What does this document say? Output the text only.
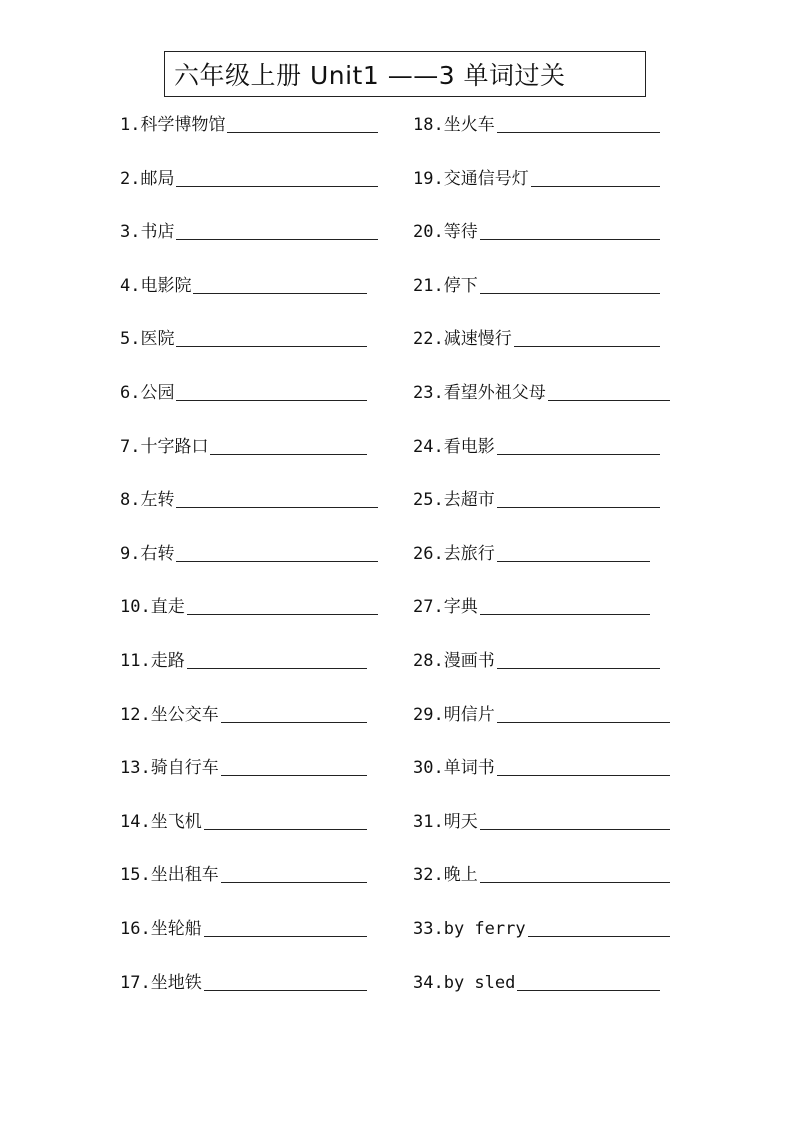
六年级上册 Unit1 ——3 单词过关
1.科学博物馆
2.邮局
3.书店
4.电影院
5.医院
6.公园
7.十字路口
8.左转
9.右转
10.直走
11.走路
12.坐公交车
13.骑自行车
14.坐飞机
15.坐出租车
16.坐轮船
17.坐地铁
18.坐火车
19.交通信号灯
20.等待
21.停下
22.减速慢行
23.看望外祖父母
24.看电影
25.去超市
26.去旅行
27.字典
28.漫画书
29.明信片
30.单词书
31.明天
32.晚上
33.by ferry
34.by sled
